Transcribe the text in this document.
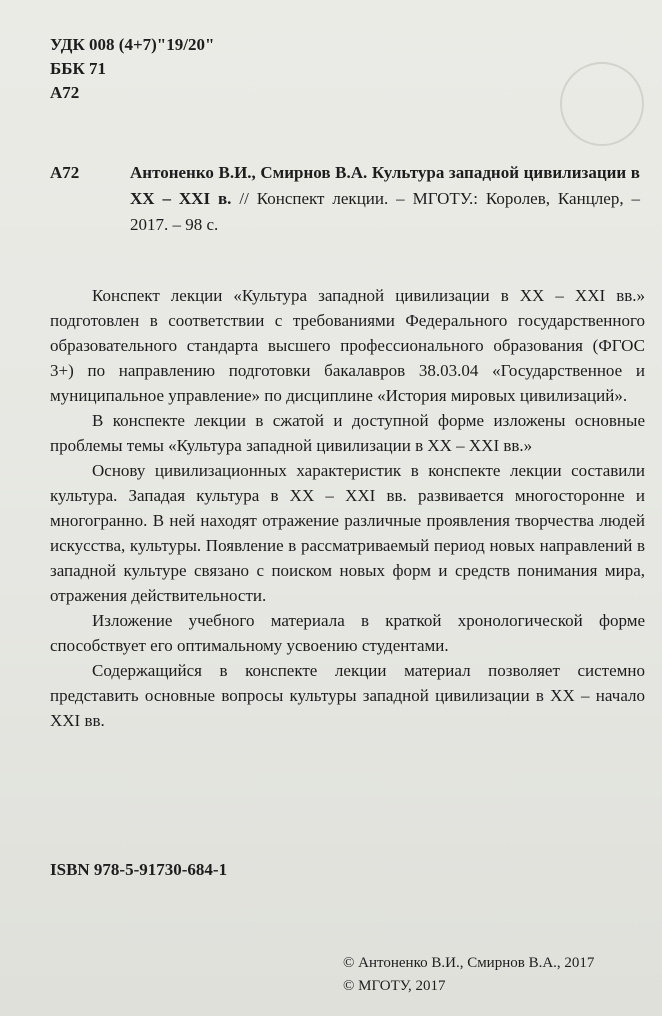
УДК 008 (4+7)"19/20"
ББК 71
А72
А72	Антоненко В.И., Смирнов В.А. Культура западной цивилизации в ХХ – ХХI в. // Конспект лекции. – МГОТУ.: Королев, Канцлер, – 2017. – 98 с.

Конспект лекции «Культура западной цивилизации в ХХ – ХХI вв.» подготовлен в соответствии с требованиями Федерального государственного образовательного стандарта высшего профессионального образования (ФГОС 3+) по направлению подготовки бакалавров 38.03.04 «Государственное и муниципальное управление» по дисциплине «История мировых цивилизаций».

В конспекте лекции в сжатой и доступной форме изложены основные проблемы темы «Культура западной цивилизации в ХХ – ХХI вв.»

Основу цивилизационных характеристик в конспекте лекции составили культура. Западая культура в ХХ – ХХI вв. развивается многосторонне и многогранно. В ней находят отражение различные проявления творчества людей искусства, культуры. Появление в рассматриваемый период новых направлений в западной культуре связано с поиском новых форм и средств понимания мира, отражения действительности.

Изложение учебного материала в краткой хронологической форме способствует его оптимальному усвоению студентами.

Содержащийся в конспекте лекции материал позволяет системно представить основные вопросы культуры западной цивилизации в ХХ – начало ХХI вв.

ISBN 978-5-91730-684-1
© Антоненко В.И., Смирнов В.А., 2017
© МГОТУ, 2017
